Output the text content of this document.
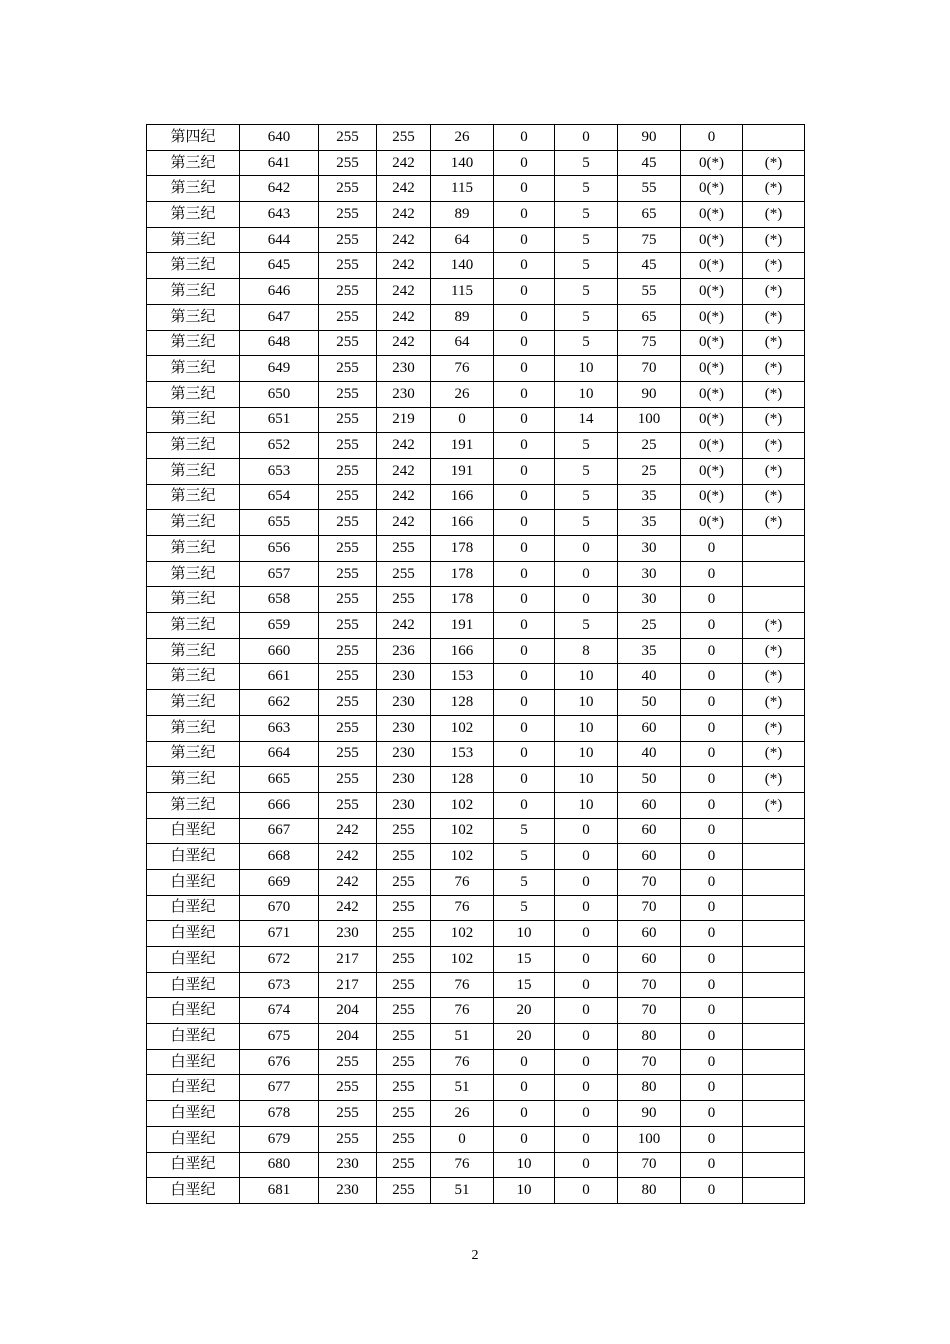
第四纪	640	255	255	26	0	0	90	0	
第三纪	641	255	242	140	0	5	45	0(*)	(*)
第三纪	642	255	242	115	0	5	55	0(*)	(*)
第三纪	643	255	242	89	0	5	65	0(*)	(*)
第三纪	644	255	242	64	0	5	75	0(*)	(*)
第三纪	645	255	242	140	0	5	45	0(*)	(*)
第三纪	646	255	242	115	0	5	55	0(*)	(*)
第三纪	647	255	242	89	0	5	65	0(*)	(*)
第三纪	648	255	242	64	0	5	75	0(*)	(*)
第三纪	649	255	230	76	0	10	70	0(*)	(*)
第三纪	650	255	230	26	0	10	90	0(*)	(*)
第三纪	651	255	219	0	0	14	100	0(*)	(*)
第三纪	652	255	242	191	0	5	25	0(*)	(*)
第三纪	653	255	242	191	0	5	25	0(*)	(*)
第三纪	654	255	242	166	0	5	35	0(*)	(*)
第三纪	655	255	242	166	0	5	35	0(*)	(*)
第三纪	656	255	255	178	0	0	30	0	
第三纪	657	255	255	178	0	0	30	0	
第三纪	658	255	255	178	0	0	30	0	
第三纪	659	255	242	191	0	5	25	0	(*)
第三纪	660	255	236	166	0	8	35	0	(*)
第三纪	661	255	230	153	0	10	40	0	(*)
第三纪	662	255	230	128	0	10	50	0	(*)
第三纪	663	255	230	102	0	10	60	0	(*)
第三纪	664	255	230	153	0	10	40	0	(*)
第三纪	665	255	230	128	0	10	50	0	(*)
第三纪	666	255	230	102	0	10	60	0	(*)
白垩纪	667	242	255	102	5	0	60	0	
白垩纪	668	242	255	102	5	0	60	0	
白垩纪	669	242	255	76	5	0	70	0	
白垩纪	670	242	255	76	5	0	70	0	
白垩纪	671	230	255	102	10	0	60	0	
白垩纪	672	217	255	102	15	0	60	0	
白垩纪	673	217	255	76	15	0	70	0	
白垩纪	674	204	255	76	20	0	70	0	
白垩纪	675	204	255	51	20	0	80	0	
白垩纪	676	255	255	76	0	0	70	0	
白垩纪	677	255	255	51	0	0	80	0	
白垩纪	678	255	255	26	0	0	90	0	
白垩纪	679	255	255	0	0	0	100	0	
白垩纪	680	230	255	76	10	0	70	0	
白垩纪	681	230	255	51	10	0	80	0	
2
